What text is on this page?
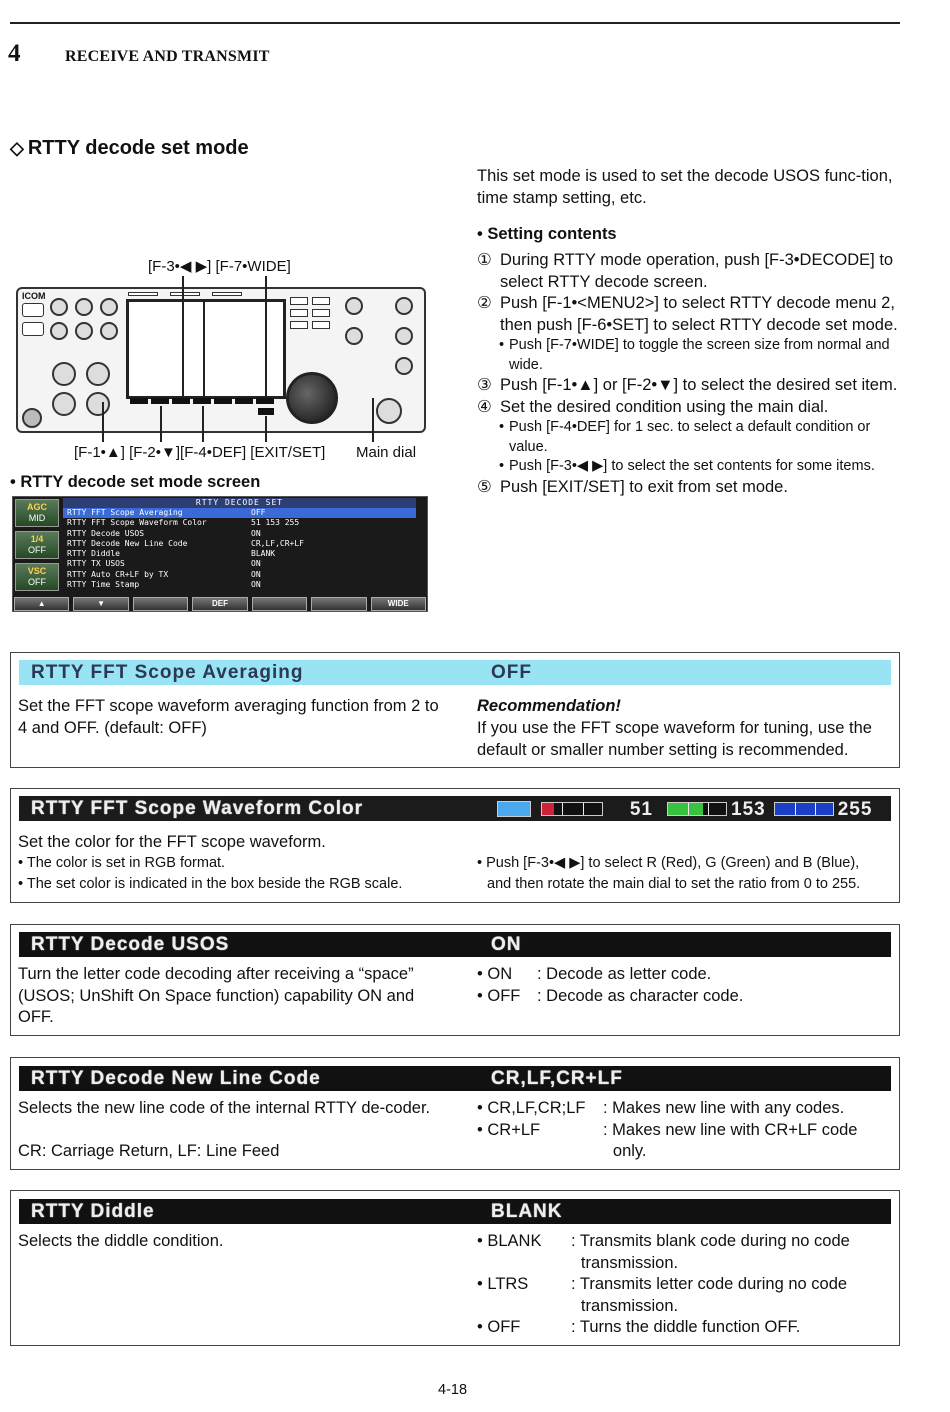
4	RECEIVE AND TRANSMIT
◇ RTTY decode set mode
This set mode is used to set the decode USOS func-tion, time stamp setting, etc.
• Setting contents
① During RTTY mode operation, push [F-3•DECODE] to select RTTY decode screen.
② Push [F-1•<MENU2>] to select RTTY decode menu 2, then push [F-6•SET] to select RTTY decode set mode.
• Push [F-7•WIDE] to toggle the screen size from normal and wide.
③ Push [F-1•▲] or [F-2•▼] to select the desired set item.
④ Set the desired condition using the main dial.
• Push [F-4•DEF] for 1 sec. to select a default condition or value.
• Push [F-3•◀ ▶] to select the set contents for some items.
⑤ Push [EXIT/SET] to exit from set mode.
[F-3•◀ ▶] [F-7•WIDE]
ICOM
[F-1•▲] [F-2•▼][F-4•DEF] [EXIT/SET] Main dial
• RTTY decode set mode screen
AGC
MID
1/4
OFF
VSC
OFF
RTTY DECODE SET
RTTY FFT Scope Averaging	OFF
RTTY FFT Scope Waveform Color	51 153 255
RTTY Decode USOS	ON
RTTY Decode New Line Code	CR,LF,CR+LF
RTTY Diddle	BLANK
RTTY TX USOS	ON
RTTY Auto CR+LF by TX	ON
RTTY Time Stamp	ON
▲	▼	DEF	WIDE
RTTY FFT Scope Averaging	OFF
Set the FFT scope waveform averaging function from 2 to 4 and OFF. (default: OFF)
Recommendation!
If you use the FFT scope waveform for tuning, use the default or smaller number setting is recommended.
RTTY FFT Scope Waveform Color	51	153	255
Set the color for the FFT scope waveform.
• The color is set in RGB format.
• The set color is indicated in the box beside the RGB scale.
• Push [F-3•◀ ▶] to select R (Red), G (Green) and B (Blue),
and then rotate the main dial to set the ratio from 0 to 255.
RTTY Decode USOS	ON
Turn the letter code decoding after receiving a “space” (USOS; UnShift On Space function) capability ON and OFF.
• ON	: Decode as letter code.
• OFF	: Decode as character code.
RTTY Decode New Line Code	CR,LF,CR+LF
Selects the new line code of the internal RTTY de-coder.
CR: Carriage Return, LF: Line Feed
• CR,LF,CR;LF	: Makes new line with any codes.
• CR+LF	: Makes new line with CR+LF code only.
RTTY Diddle	BLANK
Selects the diddle condition.	• BLANK	: Transmits blank code during no code transmission.
• LTRS	: Transmits letter code during no code transmission.
• OFF	: Turns the diddle function OFF.
4-18
